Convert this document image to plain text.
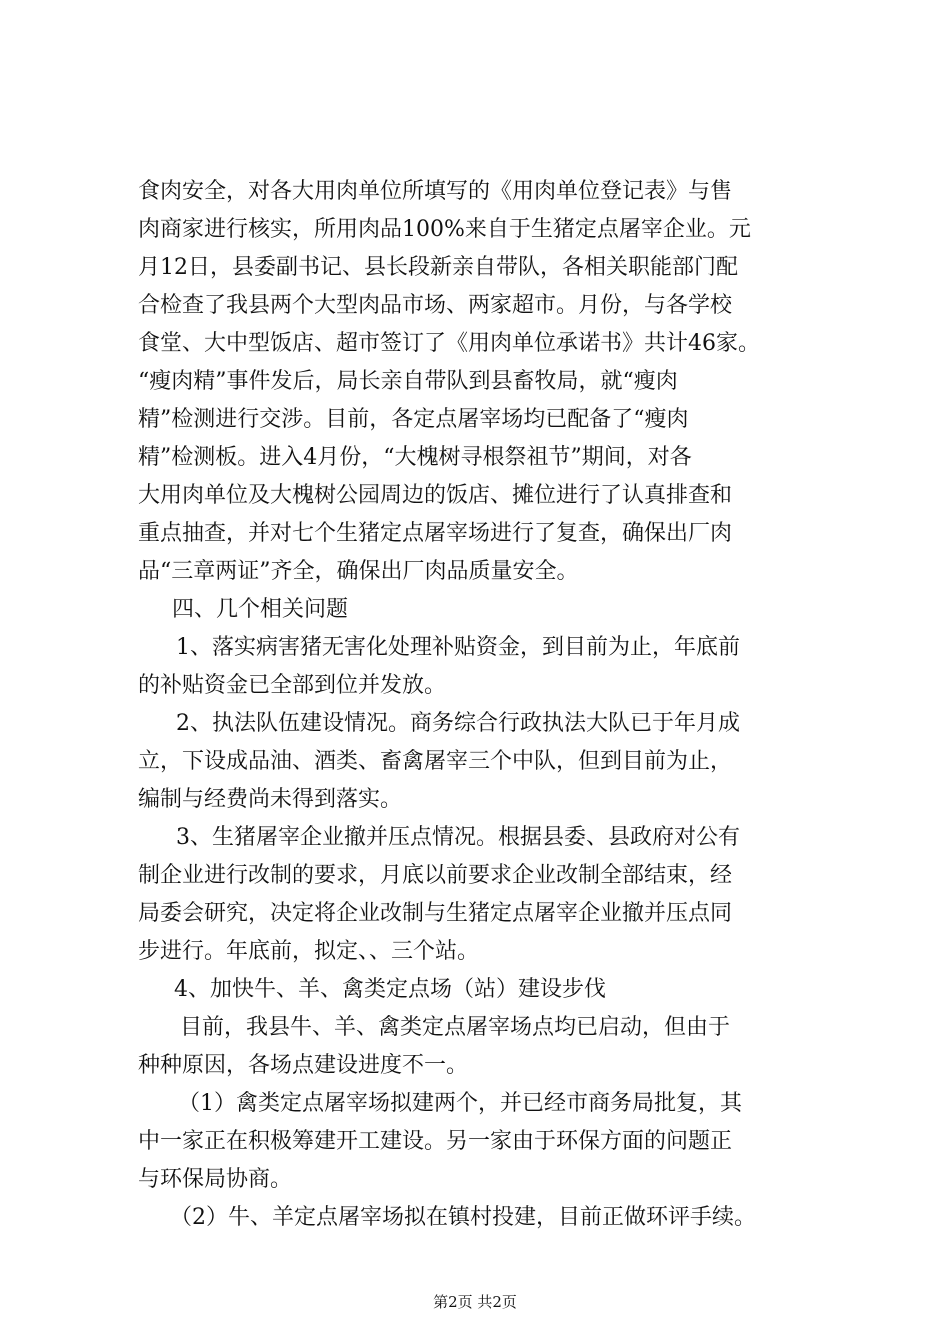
食肉安全，对各大用肉单位所填写的《用肉单位登记表》与售
肉商家进行核实，所用肉品100%来自于生猪定点屠宰企业。元
月12日，县委副书记、县长段新亲自带队，各相关职能部门配
合检查了我县两个大型肉品市场、两家超市。月份，与各学校
食堂、大中型饭店、超市签订了《用肉单位承诺书》共计46家。
“瘦肉精”事件发后，局长亲自带队到县畜牧局，就“瘦肉
精”检测进行交涉。目前，各定点屠宰场均已配备了“瘦肉
精”检测板。进入4月份，“大槐树寻根祭祖节”期间，对各
大用肉单位及大槐树公园周边的饭店、摊位进行了认真排查和
重点抽查，并对七个生猪定点屠宰场进行了复查，确保出厂肉
品“三章两证”齐全，确保出厂肉品质量安全。
四、几个相关问题
1、落实病害猪无害化处理补贴资金，到目前为止，年底前
的补贴资金已全部到位并发放。
2、执法队伍建设情况。商务综合行政执法大队已于年月成
立，下设成品油、酒类、畜禽屠宰三个中队，但到目前为止，
编制与经费尚未得到落实。
3、生猪屠宰企业撤并压点情况。根据县委、县政府对公有
制企业进行改制的要求，月底以前要求企业改制全部结束，经
局委会研究，决定将企业改制与生猪定点屠宰企业撤并压点同
步进行。年底前，拟定、、三个站。
4、加快牛、羊、禽类定点场（站）建设步伐
目前，我县牛、羊、禽类定点屠宰场点均已启动，但由于
种种原因，各场点建设进度不一。
（1）禽类定点屠宰场拟建两个，并已经市商务局批复，其
中一家正在积极筹建开工建设。另一家由于环保方面的问题正
与环保局协商。
（2）牛、羊定点屠宰场拟在镇村投建，目前正做环评手续。
第2页 共2页
